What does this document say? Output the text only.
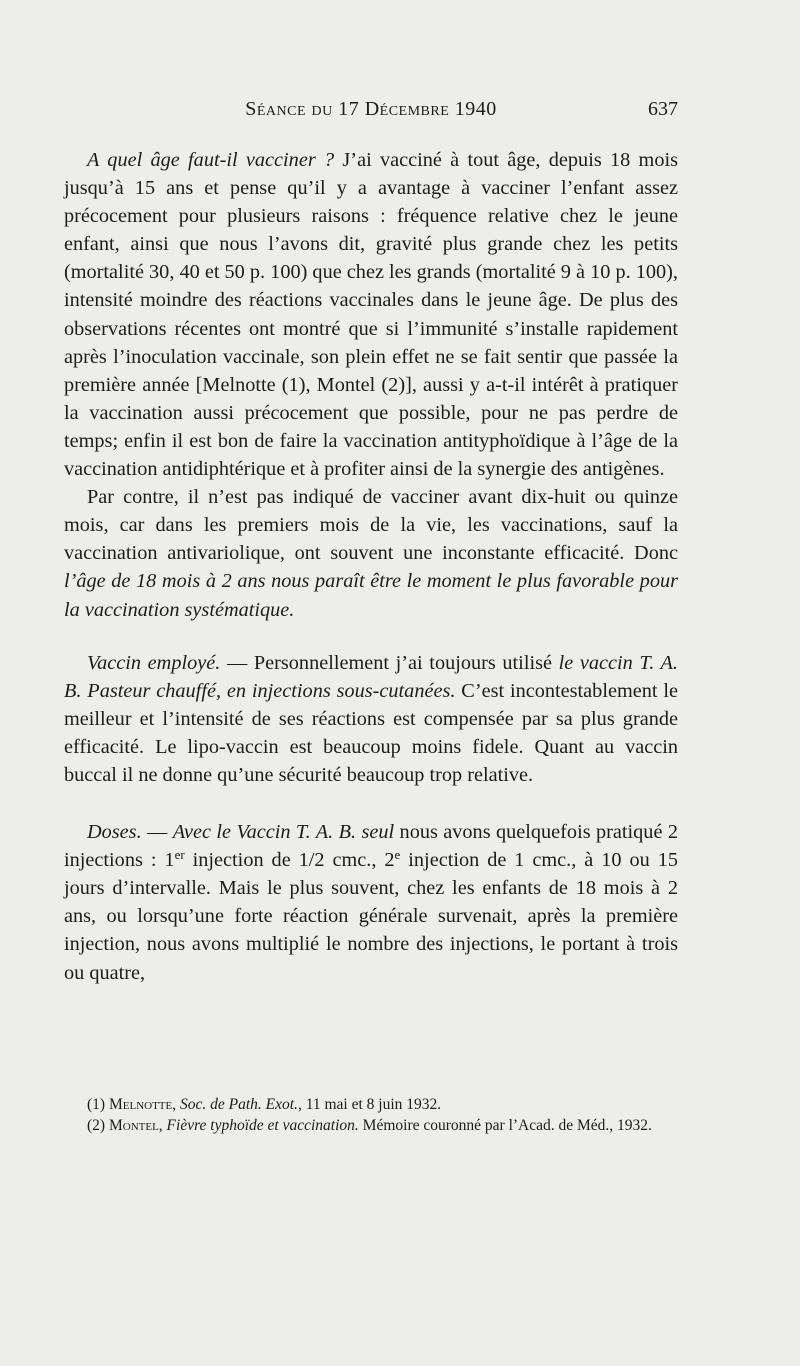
Séance du 17 Décembre 1940	637

A quel âge faut-il vacciner ? J’ai vacciné à tout âge, depuis 18 mois jusqu’à 15 ans et pense qu’il y a avantage à vacciner l’enfant assez précocement pour plusieurs raisons : fréquence relative chez le jeune enfant, ainsi que nous l’avons dit, gravité plus grande chez les petits (mortalité 30, 40 et 50 p. 100) que chez les grands (mortalité 9 à 10 p. 100), intensité moindre des réactions vaccinales dans le jeune âge. De plus des observations récentes ont montré que si l’immunité s’installe rapidement après l’inoculation vaccinale, son plein effet ne se fait sentir que passée la première année [Melnotte (1), Montel (2)], aussi y a-t-il intérêt à pratiquer la vaccination aussi précocement que possible, pour ne pas perdre de temps; enfin il est bon de faire la vaccination antityphoïdique à l’âge de la vaccination antidiphtérique et à profiter ainsi de la synergie des antigènes.

Par contre, il n’est pas indiqué de vacciner avant dix-huit ou quinze mois, car dans les premiers mois de la vie, les vaccinations, sauf la vaccination antivariolique, ont souvent une inconstante efficacité. Donc l’âge de 18 mois à 2 ans nous paraît être le moment le plus favorable pour la vaccination systématique.

Vaccin employé. — Personnellement j’ai toujours utilisé le vaccin T. A. B. Pasteur chauffé, en injections sous-cutanées. C’est incontestablement le meilleur et l’intensité de ses réactions est compensée par sa plus grande efficacité. Le lipo-vaccin est beaucoup moins fidele. Quant au vaccin buccal il ne donne qu’une sécurité beaucoup trop relative.

Doses. — Avec le Vaccin T. A. B. seul nous avons quelquefois pratiqué 2 injections : 1er injection de 1/2 cmc., 2e injection de 1 cmc., à 10 ou 15 jours d’intervalle. Mais le plus souvent, chez les enfants de 18 mois à 2 ans, ou lorsqu’une forte réaction générale survenait, après la première injection, nous avons multiplié le nombre des injections, le portant à trois ou quatre,

(1) Melnotte, Soc. de Path. Exot., 11 mai et 8 juin 1932.

(2) Montel, Fièvre typhoïde et vaccination. Mémoire couronné par l’Acad. de Méd., 1932.
